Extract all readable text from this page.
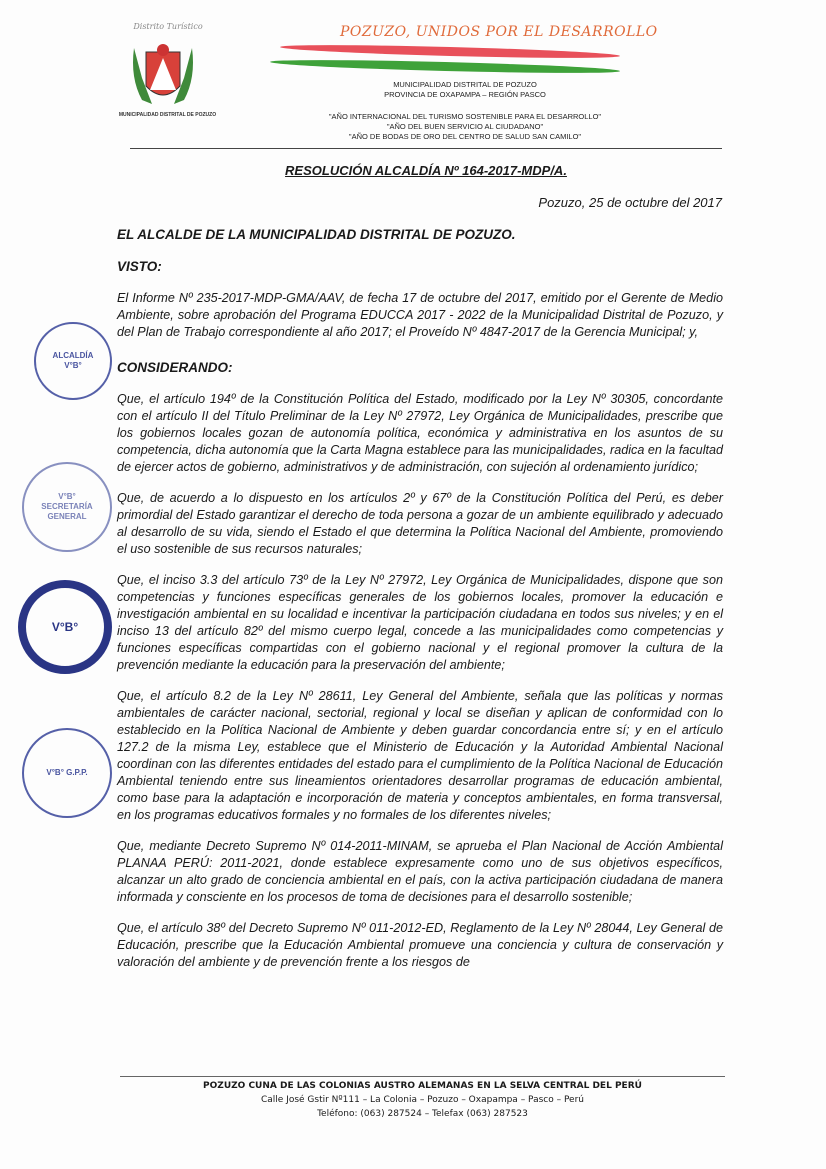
Distrito Turístico
MUNICIPALIDAD DISTRITAL DE POZUZO
POZUZO, UNIDOS POR EL DESARROLLO
MUNICIPALIDAD DISTRITAL DE POZUZO
PROVINCIA DE OXAPAMPA – REGIÓN PASCO
"AÑO INTERNACIONAL DEL TURISMO SOSTENIBLE PARA EL DESARROLLO"
"AÑO DEL BUEN SERVICIO AL CIUDADANO"
"AÑO DE BODAS DE ORO DEL CENTRO DE SALUD SAN CAMILO"
RESOLUCIÓN ALCALDÍA Nº 164-2017-MDP/A.
Pozuzo, 25 de octubre del 2017
EL ALCALDE DE LA MUNICIPALIDAD DISTRITAL DE POZUZO.
VISTO:

El Informe Nº 235-2017-MDP-GMA/AAV, de fecha 17 de octubre del 2017, emitido por el Gerente de Medio Ambiente, sobre aprobación del Programa EDUCCA 2017 - 2022 de la Municipalidad Distrital de Pozuzo, y del Plan de Trabajo correspondiente al año 2017; el Proveído Nº 4847-2017 de la Gerencia Municipal; y,

CONSIDERANDO:

Que, el artículo 194º de la Constitución Política del Estado, modificado por la Ley Nº 30305, concordante con el artículo II del Título Preliminar de la Ley Nº 27972, Ley Orgánica de Municipalidades, prescribe que los gobiernos locales gozan de autonomía política, económica y administrativa en los asuntos de su competencia, dicha autonomía que la Carta Magna establece para las municipalidades, radica en la facultad de ejercer actos de gobierno, administrativos y de administración, con sujeción al ordenamiento jurídico;

Que, de acuerdo a lo dispuesto en los artículos 2º y 67º de la Constitución Política del Perú, es deber primordial del Estado garantizar el derecho de toda persona a gozar de un ambiente equilibrado y adecuado al desarrollo de su vida, siendo el Estado el que determina la Política Nacional del Ambiente, promoviendo el uso sostenible de sus recursos naturales;

Que, el inciso 3.3 del artículo 73º de la Ley Nº 27972, Ley Orgánica de Municipalidades, dispone que son competencias y funciones específicas generales de los gobiernos locales, promover la educación e investigación ambiental en su localidad e incentivar la participación ciudadana en todos sus niveles; y en el inciso 13 del artículo 82º del mismo cuerpo legal, concede a las municipalidades como competencias y funciones específicas compartidas con el gobierno nacional y el regional promover la cultura de la prevención mediante la educación para la preservación del ambiente;

Que, el artículo 8.2 de la Ley Nº 28611, Ley General del Ambiente, señala que las políticas y normas ambientales de carácter nacional, sectorial, regional y local se diseñan y aplican de conformidad con lo establecido en la Política Nacional de Ambiente y deben guardar concordancia entre sí; y en el artículo 127.2 de la misma Ley, establece que el Ministerio de Educación y la Autoridad Ambiental Nacional coordinan con las diferentes entidades del estado para el cumplimiento de la Política Nacional de Educación Ambiental teniendo entre sus lineamientos orientadores desarrollar programas de educación ambiental, como base para la adaptación e incorporación de materia y conceptos ambientales, en forma transversal, en los programas educativos formales y no formales de los diferentes niveles;

Que, mediante Decreto Supremo Nº 014-2011-MINAM, se aprueba el Plan Nacional de Acción Ambiental PLANAA PERÚ: 2011-2021, donde establece expresamente como uno de sus objetivos específicos, alcanzar un alto grado de conciencia ambiental en el país, con la activa participación ciudadana de manera informada y consciente en los procesos de toma de decisiones para el desarrollo sostenible;

Que, el artículo 38º del Decreto Supremo Nº 011-2012-ED, Reglamento de la Ley Nº 28044, Ley General de Educación, prescribe que la Educación Ambiental promueve una conciencia y cultura de conservación y valoración del ambiente y de prevención frente a los riesgos de

POZUZO CUNA DE LAS COLONIAS AUSTRO ALEMANAS EN LA SELVA CENTRAL DEL PERÚ
Calle José Gstir Nº111 – La Colonia – Pozuzo – Oxapampa – Pasco – Perú
Teléfono: (063) 287524 – Telefax (063) 287523
ALCALDÍA V°B°
V°B° SECRETARÍA GENERAL
V°B°
V°B° G.P.P.
